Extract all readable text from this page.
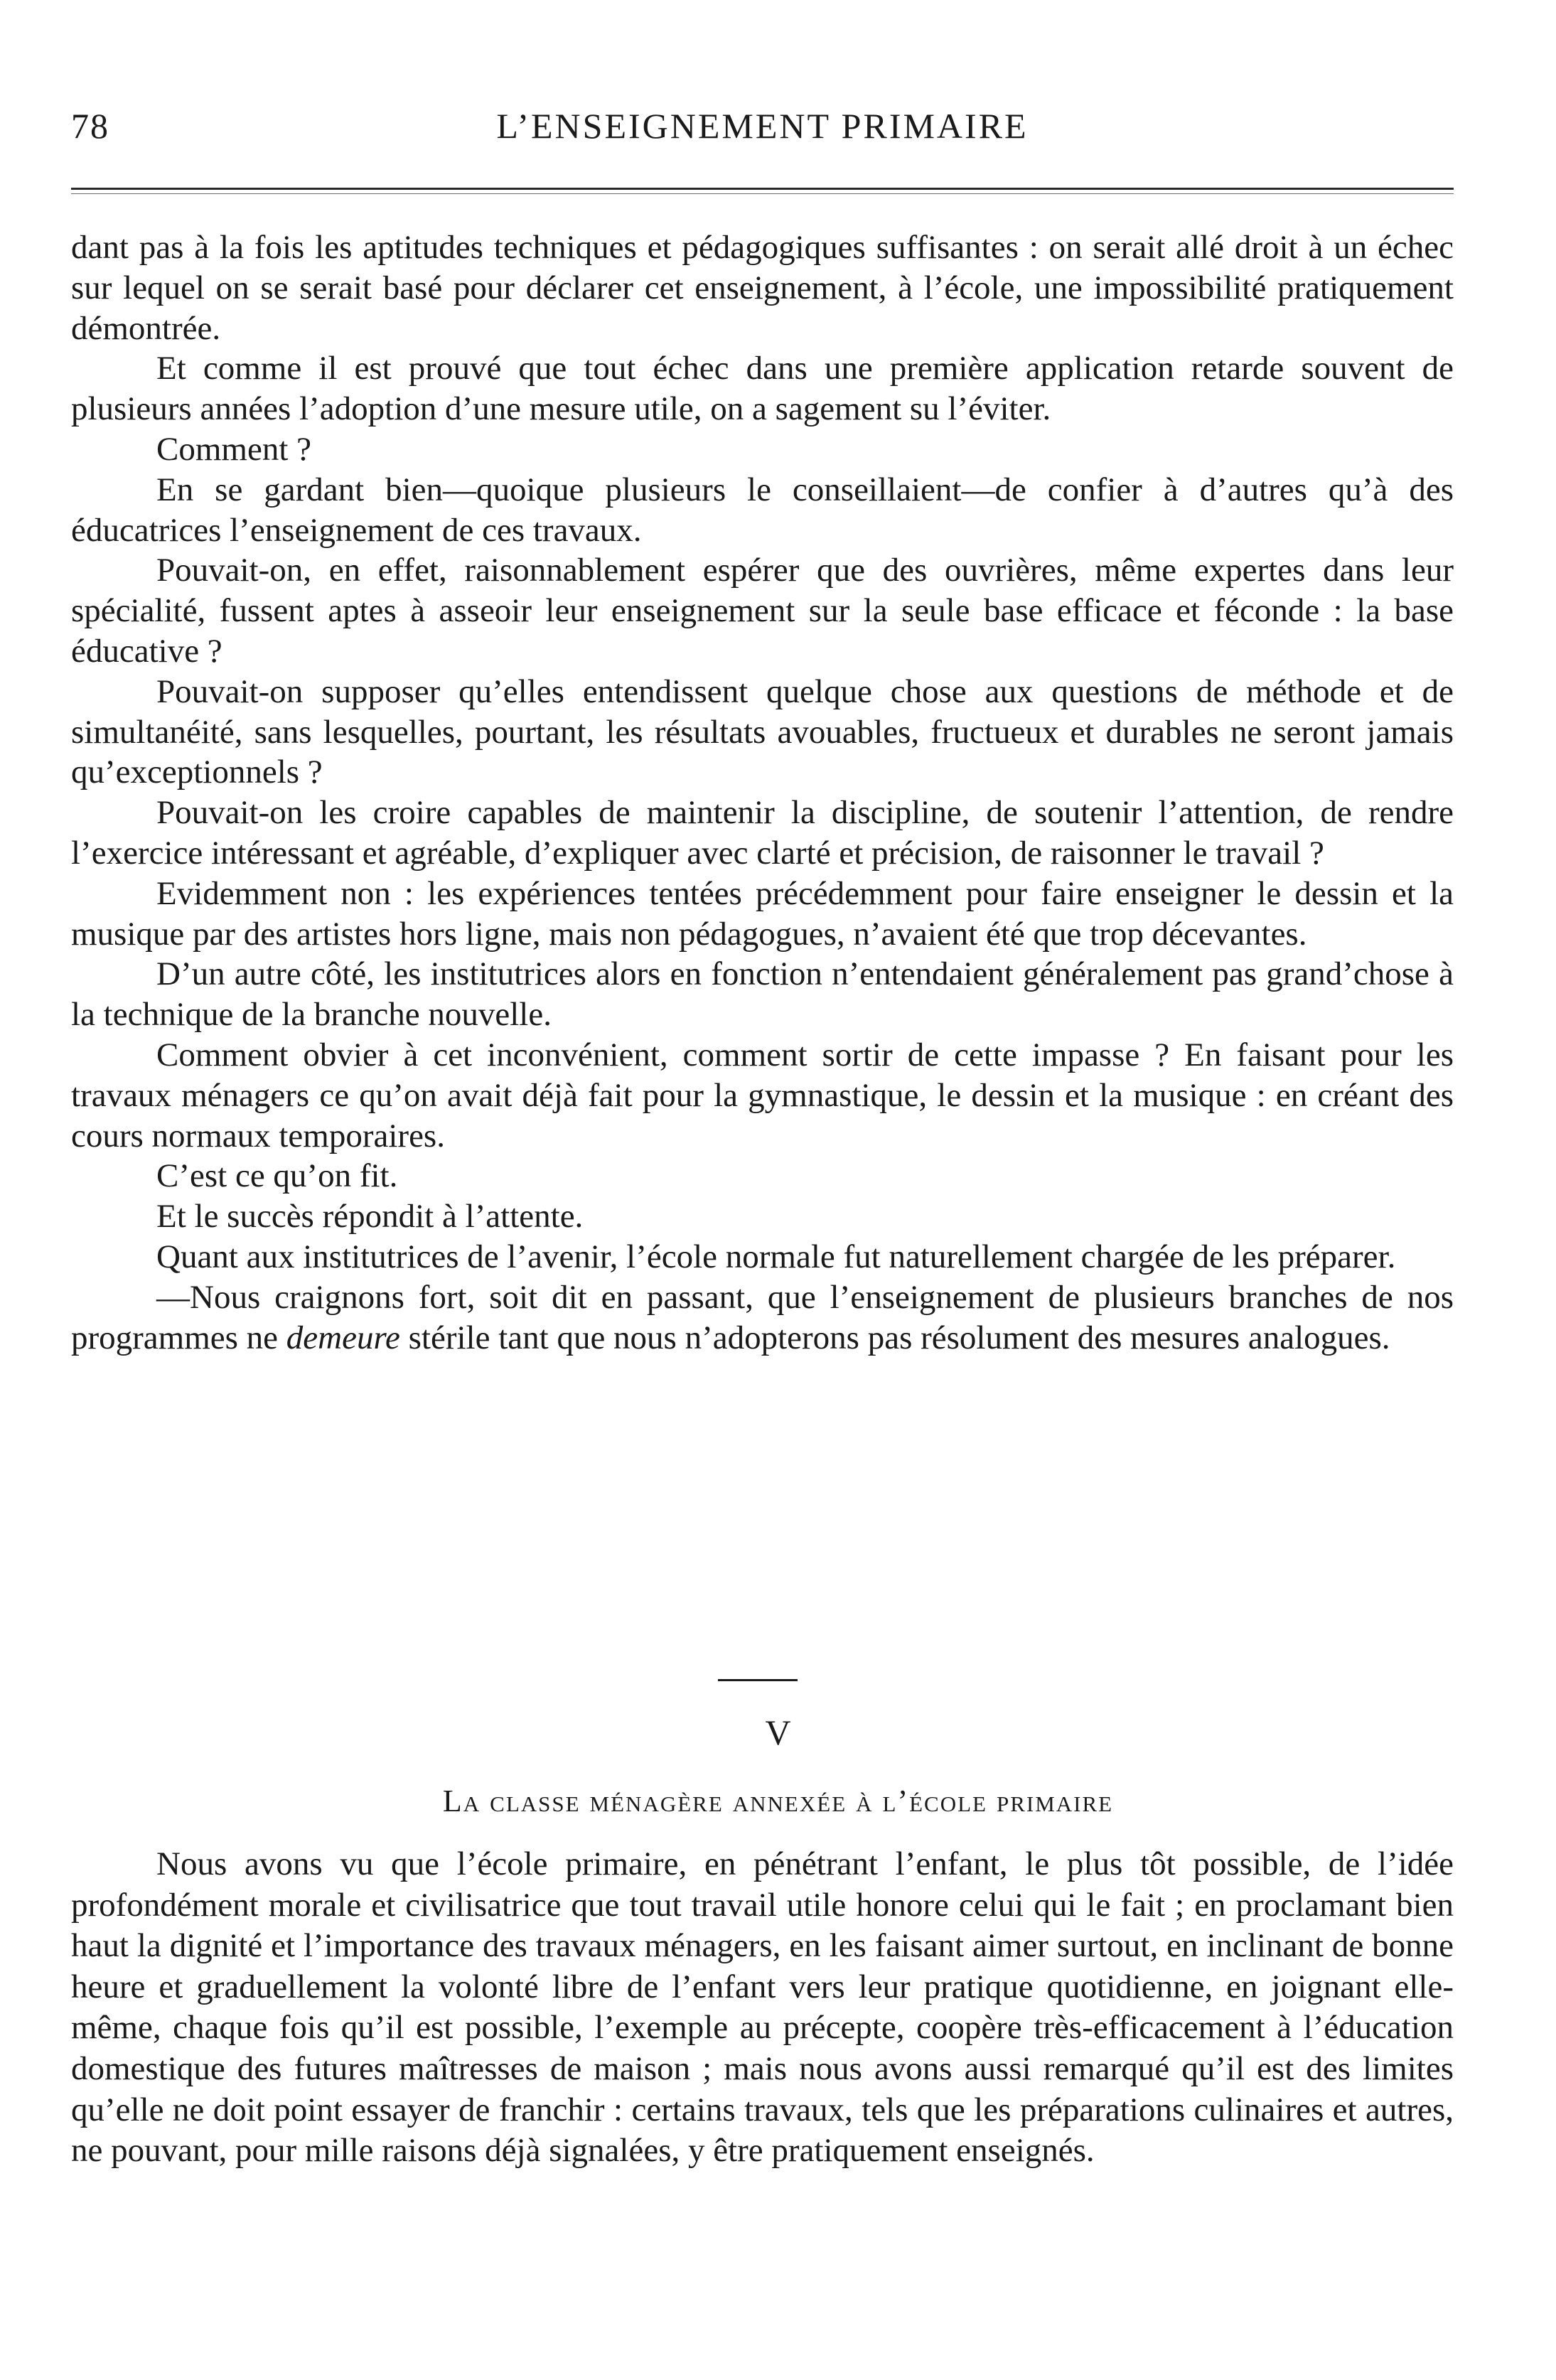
78	L’ENSEIGNEMENT PRIMAIRE

dant pas à la fois les aptitudes techniques et pédagogiques suffisantes : on serait allé droit à un échec sur lequel on se serait basé pour déclarer cet enseignement, à l’école, une impossibilité pratiquement démontrée.

Et comme il est prouvé que tout échec dans une première application retarde souvent de plusieurs années l’adoption d’une mesure utile, on a sagement su l’éviter.

Comment ?

En se gardant bien—quoique plusieurs le conseillaient—de confier à d’autres qu’à des éducatrices l’enseignement de ces travaux.

Pouvait-on, en effet, raisonnablement espérer que des ouvrières, même expertes dans leur spécialité, fussent aptes à asseoir leur enseignement sur la seule base efficace et féconde : la base éducative ?

Pouvait-on supposer qu’elles entendissent quelque chose aux questions de méthode et de simultanéité, sans lesquelles, pourtant, les résultats avouables, fructueux et durables ne seront jamais qu’exceptionnels ?

Pouvait-on les croire capables de maintenir la discipline, de soutenir l’attention, de rendre l’exercice intéressant et agréable, d’expliquer avec clarté et précision, de raisonner le travail ?

Evidemment non : les expériences tentées précédemment pour faire enseigner le dessin et la musique par des artistes hors ligne, mais non pédagogues, n’avaient été que trop décevantes.

D’un autre côté, les institutrices alors en fonction n’entendaient généralement pas grand’chose à la technique de la branche nouvelle.

Comment obvier à cet inconvénient, comment sortir de cette impasse ? En faisant pour les travaux ménagers ce qu’on avait déjà fait pour la gymnastique, le dessin et la musique : en créant des cours normaux temporaires.

C’est ce qu’on fit.

Et le succès répondit à l’attente.

Quant aux institutrices de l’avenir, l’école normale fut naturellement chargée de les préparer.

—Nous craignons fort, soit dit en passant, que l’enseignement de plusieurs branches de nos programmes ne demeure stérile tant que nous n’adopterons pas résolument des mesures analogues.

V
La classe ménagère annexée à l’école primaire

Nous avons vu que l’école primaire, en pénétrant l’enfant, le plus tôt possible, de l’idée profondément morale et civilisatrice que tout travail utile honore celui qui le fait ; en proclamant bien haut la dignité et l’importance des travaux ménagers, en les faisant aimer surtout, en inclinant de bonne heure et graduellement la volonté libre de l’enfant vers leur pratique quotidienne, en joignant elle-même, chaque fois qu’il est possible, l’exemple au précepte, coopère très-efficacement à l’éducation domestique des futures maîtresses de maison ; mais nous avons aussi remarqué qu’il est des limites qu’elle ne doit point essayer de franchir : certains travaux, tels que les préparations culinaires et autres, ne pouvant, pour mille raisons déjà signalées, y être pratiquement enseignés.
